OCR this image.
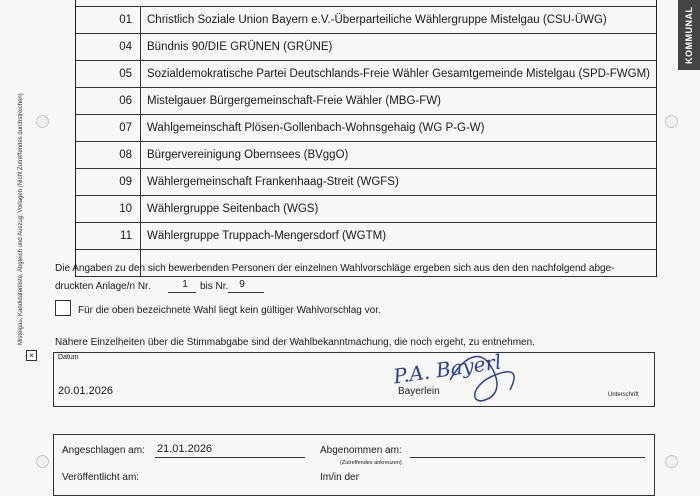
KOMMUNAL
Mistelgau, Kandidatenliste, Abgleich und Auszug: Vorlagen (Nicht Zutreffendes durchstreichen)
×
01	Christlich Soziale Union Bayern e.V.-Überparteiliche Wählergruppe Mistelgau (CSU-ÜWG)
04	Bündnis 90/DIE GRÜNEN (GRÜNE)
05	Sozialdemokratische Partei Deutschlands-Freie Wähler Gesamtgemeinde Mistelgau (SPD-FWGM)
06	Mistelgauer Bürgergemeinschaft-Freie Wähler (MBG-FW)
07	Wahlgemeinschaft Plösen-Gollenbach-Wohnsgehaig (WG P-G-W)
08	Bürgervereinigung Obernsees (BVggO)
09	Wählergemeinschaft Frankenhaag-Streit (WGFS)
10	Wählergruppe Seitenbach (WGS)
11	Wählergruppe Truppach-Mengersdorf (WGTM)
Die Angaben zu den sich bewerbenden Personen der einzelnen Wahlvorschläge ergeben sich aus den den nachfolgend abge-
druckten Anlage/n Nr.	1	bis Nr.	9
Für die oben bezeichnete Wahl liegt kein gültiger Wahlvorschlag vor.
Nähere Einzelheiten über die Stimmabgabe sind der Wahlbekanntmachung, die noch ergeht, zu entnehmen.
Datum
20.01.2026
P.A. Bayerl
Bayerlein	Unterschrift
Angeschlagen am: 21.01.2026	Abgenommen am:
(Zutreffendes ankreuzen)
Veröffentlicht am:	Im/in der
